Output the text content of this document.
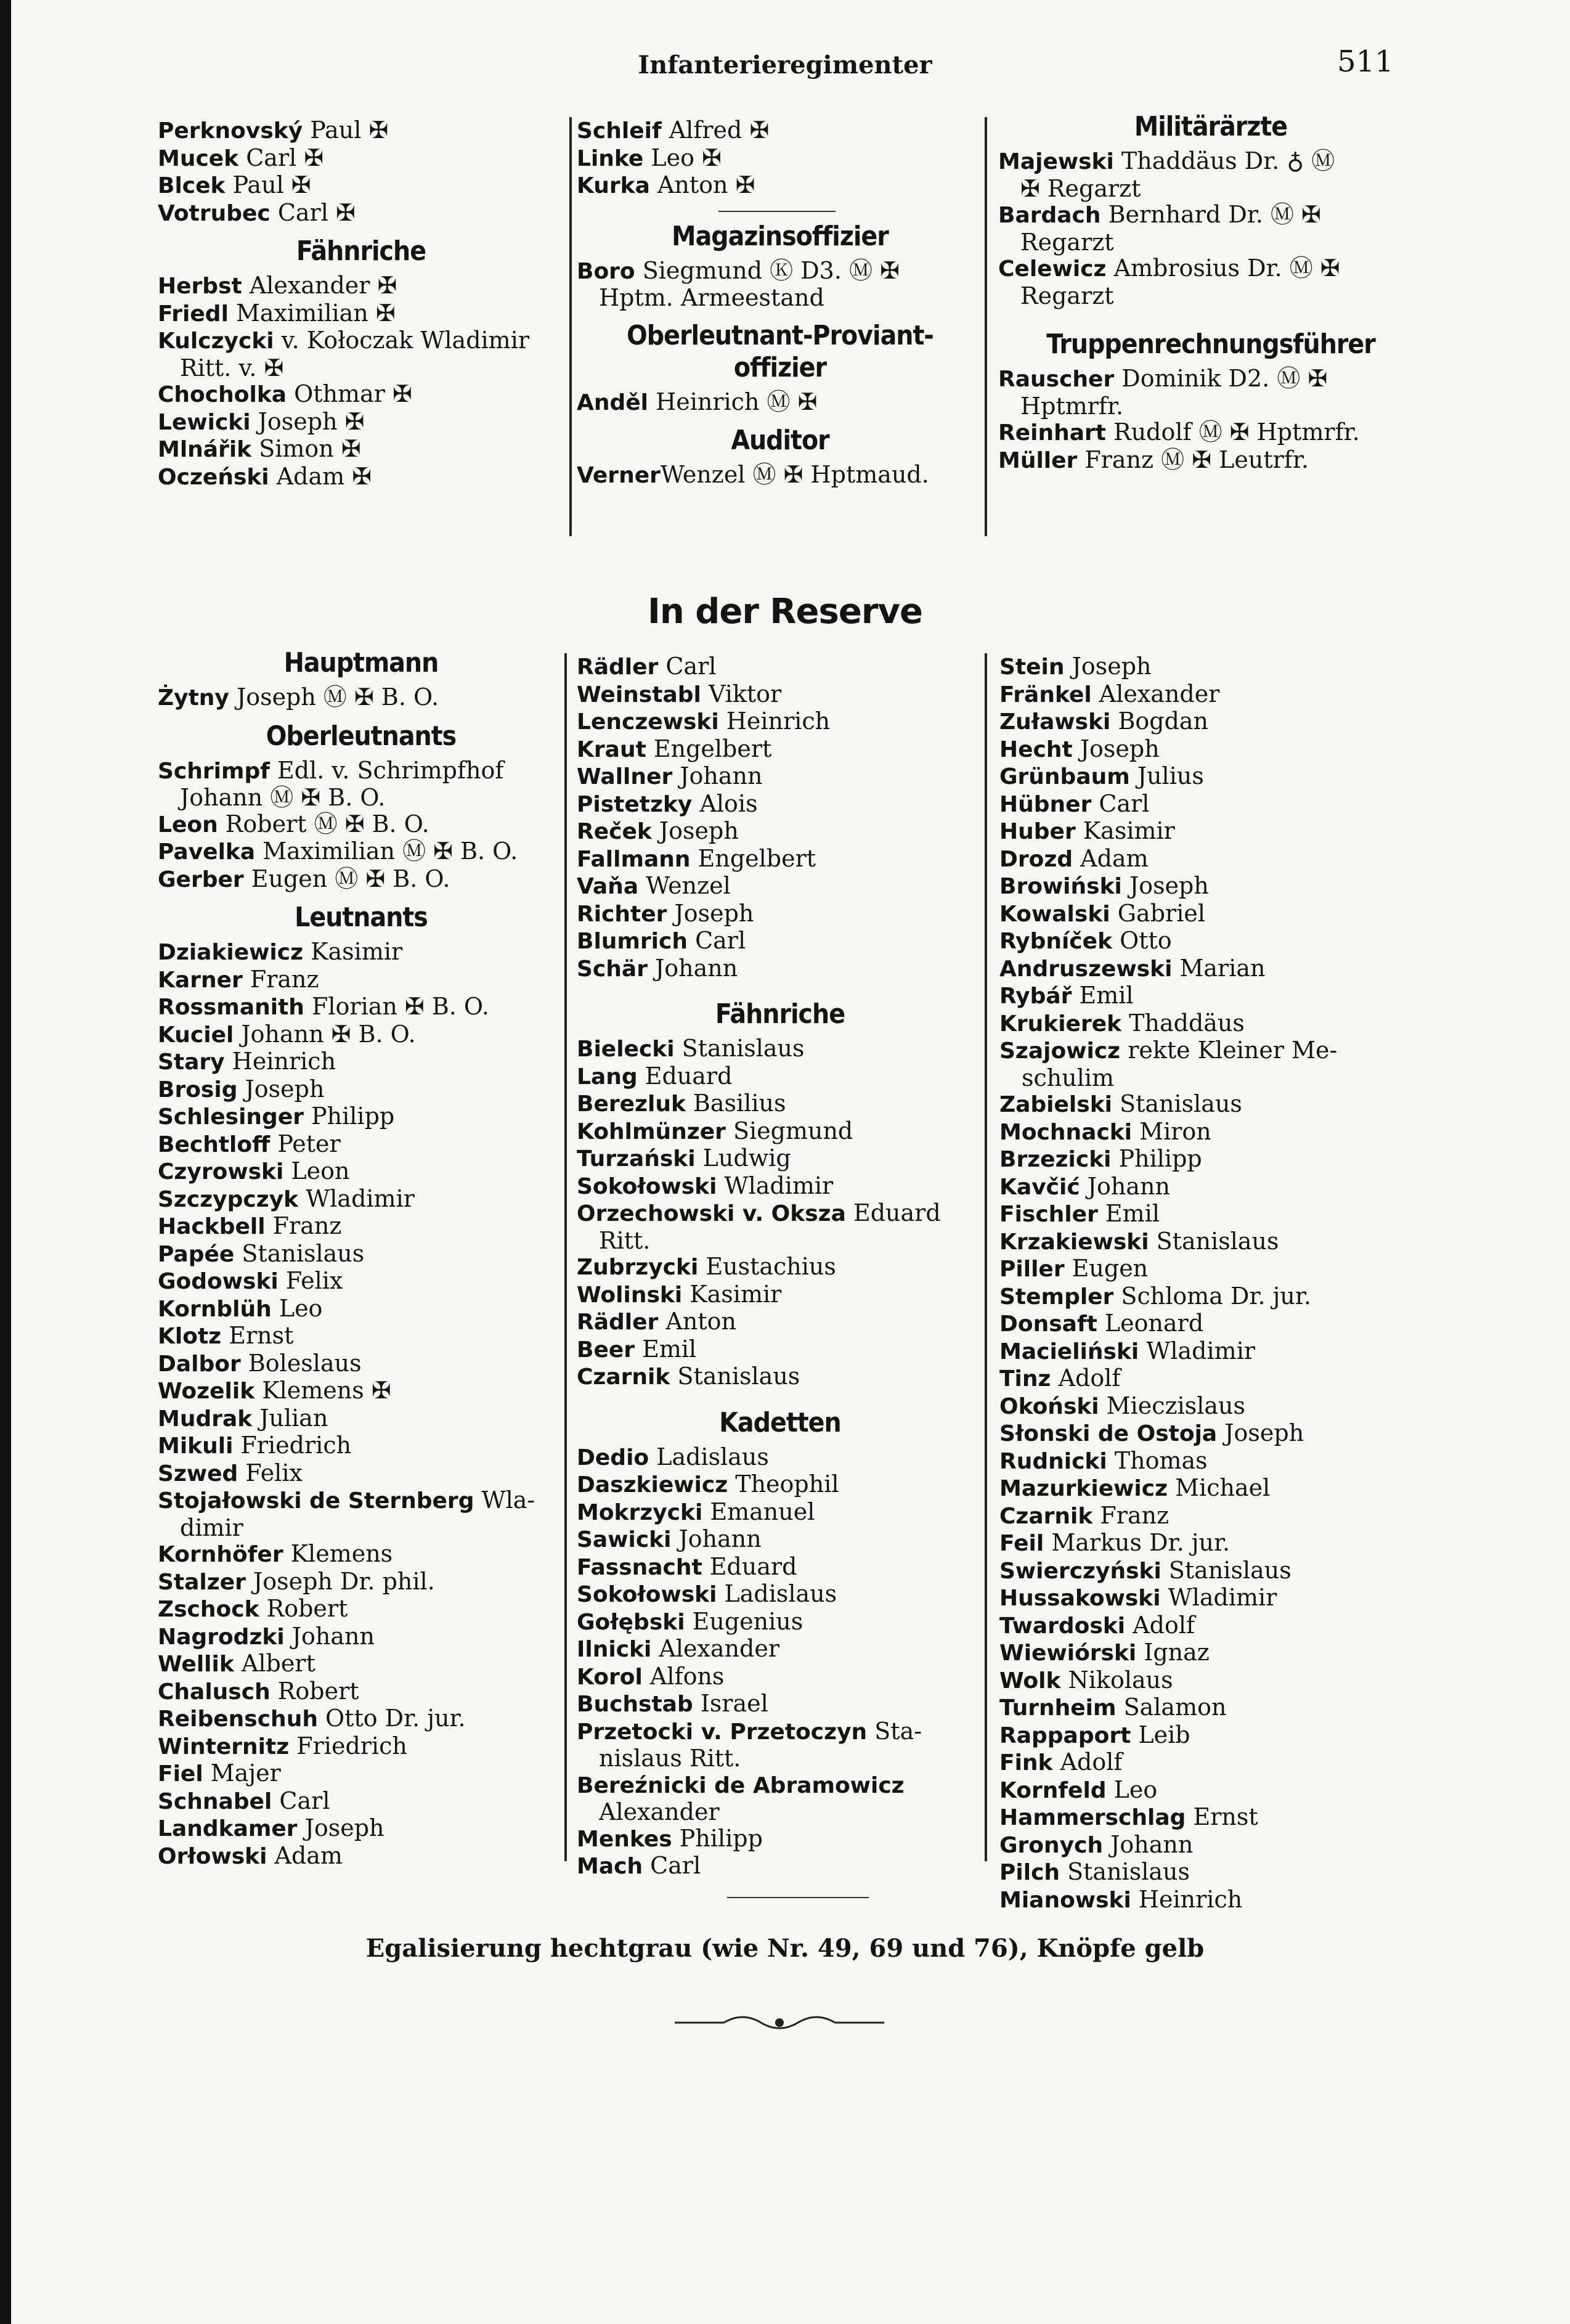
Infanterieregimenter	511

Perknovský Paul ✠

Mucek Carl ✠

Blcek Paul ✠

Votrubec Carl ✠

Fähnriche

Herbst Alexander ✠

Friedl Maximilian ✠

Kulczycki v. Kołoczak Wladimir

Ritt. v. ✠

Chocholka Othmar ✠

Lewicki Joseph ✠

Mlnářik Simon ✠

Oczeński Adam ✠

Schleif Alfred ✠

Linke Leo ✠

Kurka Anton ✠

Magazinsoffizier

Boro Siegmund Ⓚ D3. Ⓜ ✠

Hptm. Armeestand

Oberleutnant-Proviant-
offizier

Anděl Heinrich Ⓜ ✠

Auditor

VernerWenzel Ⓜ ✠ Hptmaud.

Militärärzte

Majewski Thaddäus Dr. ♁ Ⓜ

✠ Regarzt

Bardach Bernhard Dr. Ⓜ ✠

Regarzt

Celewicz Ambrosius Dr. Ⓜ ✠

Regarzt

Truppenrechnungsführer

Rauscher Dominik D2. Ⓜ ✠

Hptmrfr.

Reinhart Rudolf Ⓜ ✠ Hptmrfr.

Müller Franz Ⓜ ✠ Leutrfr.

In der Reserve
Hauptmann

Żytny Joseph Ⓜ ✠ B. O.

Oberleutnants

Schrimpf Edl. v. Schrimpfhof

Johann Ⓜ ✠ B. O.

Leon Robert Ⓜ ✠ B. O.

Pavelka Maximilian Ⓜ ✠ B. O.

Gerber Eugen Ⓜ ✠ B. O.

Leutnants

Dziakiewicz Kasimir

Karner Franz

Rossmanith Florian ✠ B. O.

Kuciel Johann ✠ B. O.

Stary Heinrich

Brosig Joseph

Schlesinger Philipp

Bechtloff Peter

Czyrowski Leon

Szczypczyk Wladimir

Hackbell Franz

Papée Stanislaus

Godowski Felix

Kornblüh Leo

Klotz Ernst

Dalbor Boleslaus

Wozelik Klemens ✠

Mudrak Julian

Mikuli Friedrich

Szwed Felix

Stojałowski de Sternberg Wla-

dimir

Kornhöfer Klemens

Stalzer Joseph Dr. phil.

Zschock Robert

Nagrodzki Johann

Wellik Albert

Chalusch Robert

Reibenschuh Otto Dr. jur.

Winternitz Friedrich

Fiel Majer

Schnabel Carl

Landkamer Joseph

Orłowski Adam

Rädler Carl

Weinstabl Viktor

Lenczewski Heinrich

Kraut Engelbert

Wallner Johann

Pistetzky Alois

Reček Joseph

Fallmann Engelbert

Vaňa Wenzel

Richter Joseph

Blumrich Carl

Schär Johann

Fähnriche

Bielecki Stanislaus

Lang Eduard

Berezluk Basilius

Kohlmünzer Siegmund

Turzański Ludwig

Sokołowski Wladimir

Orzechowski v. Oksza Eduard

Ritt.

Zubrzycki Eustachius

Wolinski Kasimir

Rädler Anton

Beer Emil

Czarnik Stanislaus

Kadetten

Dedio Ladislaus

Daszkiewicz Theophil

Mokrzycki Emanuel

Sawicki Johann

Fassnacht Eduard

Sokołowski Ladislaus

Gołębski Eugenius

Ilnicki Alexander

Korol Alfons

Buchstab Israel

Przetocki v. Przetoczyn Sta-

nislaus Ritt.

Bereźnicki de Abramowicz

Alexander

Menkes Philipp

Mach Carl

Stein Joseph

Fränkel Alexander

Zuławski Bogdan

Hecht Joseph

Grünbaum Julius

Hübner Carl

Huber Kasimir

Drozd Adam

Browiński Joseph

Kowalski Gabriel

Rybníček Otto

Andruszewski Marian

Rybář Emil

Krukierek Thaddäus

Szajowicz rekte Kleiner Me-

schulim

Zabielski Stanislaus

Mochnacki Miron

Brzezicki Philipp

Kavčić Johann

Fischler Emil

Krzakiewski Stanislaus

Piller Eugen

Stempler Schloma Dr. jur.

Donsaft Leonard

Macieliński Wladimir

Tinz Adolf

Okoński Mieczislaus

Słonski de Ostoja Joseph

Rudnicki Thomas

Mazurkiewicz Michael

Czarnik Franz

Feil Markus Dr. jur.

Swierczyński Stanislaus

Hussakowski Wladimir

Twardoski Adolf

Wiewiórski Ignaz

Wolk Nikolaus

Turnheim Salamon

Rappaport Leib

Fink Adolf

Kornfeld Leo

Hammerschlag Ernst

Gronych Johann

Pilch Stanislaus

Mianowski Heinrich

Egalisierung hechtgrau (wie Nr. 49, 69 und 76), Knöpfe gelb
